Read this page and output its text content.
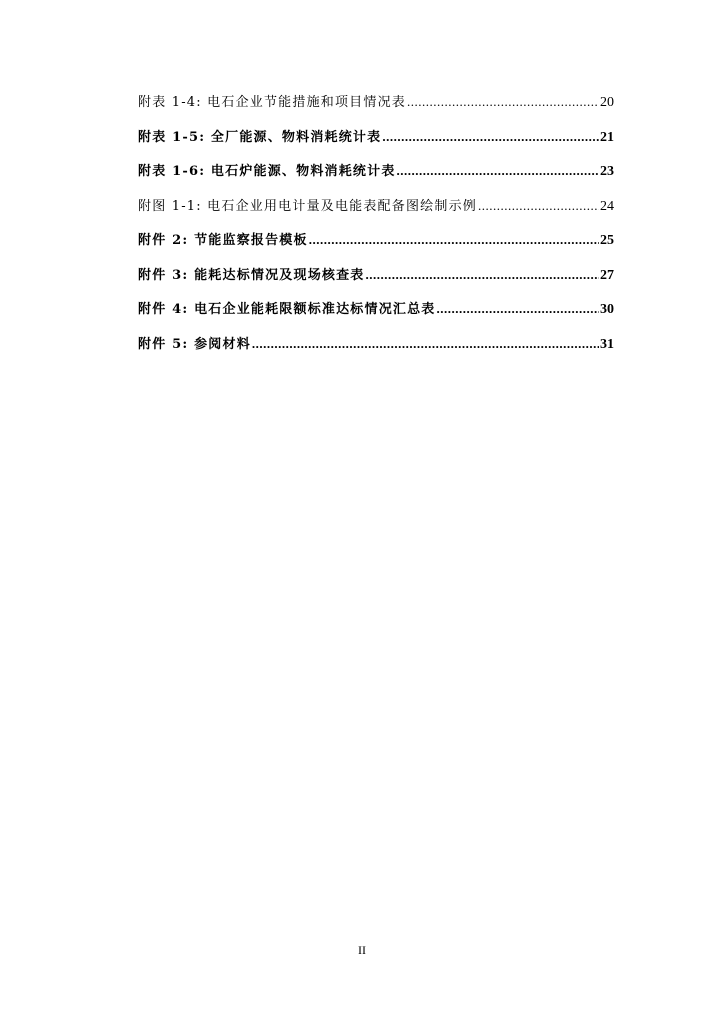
附表 1-4: 电石企业节能措施和项目情况表 .....	20
附表 1-5: 全厂能源、物料消耗统计表 .....	21
附表 1-6: 电石炉能源、物料消耗统计表 .....	23
附图 1-1: 电石企业用电计量及电能表配备图绘制示例 .....	24
附件 2: 节能监察报告模板 .....	25
附件 3: 能耗达标情况及现场核查表 .....	27
附件 4: 电石企业能耗限额标准达标情况汇总表 .....	30
附件 5: 参阅材料 .....	31
II
